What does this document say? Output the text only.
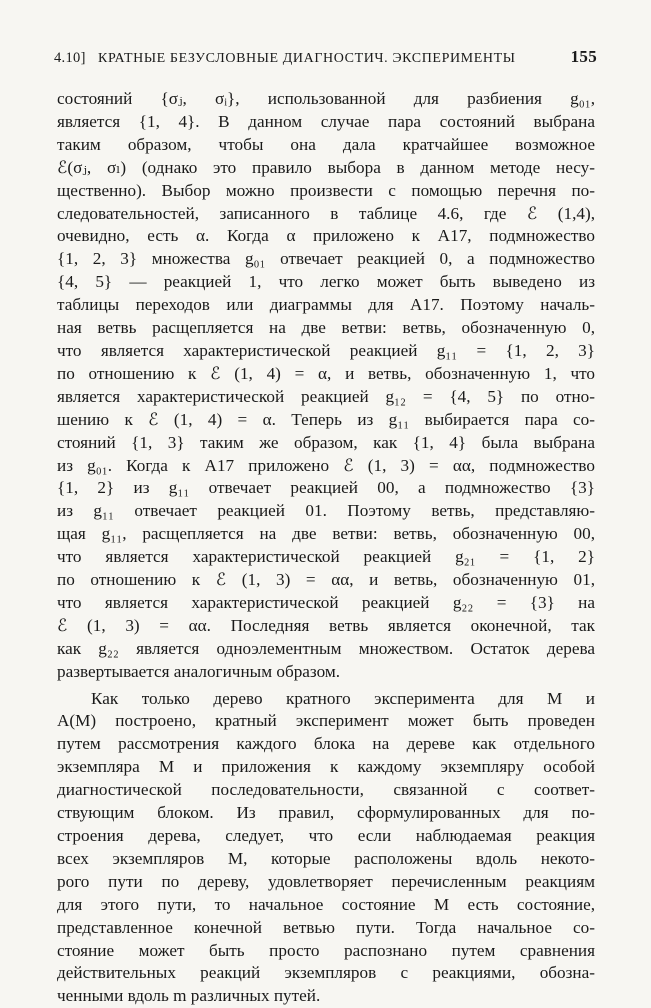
4.10] КРАТНЫЕ БЕЗУСЛОВНЫЕ ДИАГНОСТИЧ. ЭКСПЕРИМЕНТЫ	155
состояний {σⱼ, σᵢ}, использованной для разбиения g₀₁,
является {1, 4}. В данном случае пара состояний выбрана
таким образом, чтобы она дала кратчайшее возможное
ℰ(σⱼ, σₗ) (однако это правило выбора в данном методе несу-
щественно). Выбор можно произвести с помощью перечня по-
следовательностей, записанного в таблице 4.6, где ℰ (1,4),
очевидно, есть α. Когда α приложено к A17, подмножество
{1, 2, 3} множества g₀₁ отвечает реакцией 0, а подмножество
{4, 5} — реакцией 1, что легко может быть выведено из
таблицы переходов или диаграммы для A17. Поэтому началь-
ная ветвь расщепляется на две ветви: ветвь, обозначенную 0,
что является характеристической реакцией g₁₁ = {1, 2, 3}
по отношению к ℰ (1, 4) = α, и ветвь, обозначенную 1, что
является характеристической реакцией g₁₂ = {4, 5} по отно-
шению к ℰ (1, 4) = α. Теперь из g₁₁ выбирается пара со-
стояний {1, 3} таким же образом, как {1, 4} была выбрана
из g₀₁. Когда к A17 приложено ℰ (1, 3) = αα, подмножество
{1, 2} из g₁₁ отвечает реакцией 00, а подмножество {3}
из g₁₁ отвечает реакцией 01. Поэтому ветвь, представляю-
щая g₁₁, расщепляется на две ветви: ветвь, обозначенную 00,
что является характеристической реакцией g₂₁ = {1, 2}
по отношению к ℰ (1, 3) = αα, и ветвь, обозначенную 01,
что является характеристической реакцией g₂₂ = {3} на
ℰ (1, 3) = αα. Последняя ветвь является оконечной, так
как g₂₂ является одноэлементным множеством. Остаток дерева
развертывается аналогичным образом.
Как только дерево кратного эксперимента для M и
A(M) построено, кратный эксперимент может быть проведен
путем рассмотрения каждого блока на дереве как отдельного
экземпляра M и приложения к каждому экземпляру особой
диагностической последовательности, связанной с соответ-
ствующим блоком. Из правил, сформулированных для по-
строения дерева, следует, что если наблюдаемая реакция
всех экземпляров M, которые расположены вдоль некото-
рого пути по дереву, удовлетворяет перечисленным реакциям
для этого пути, то начальное состояние M есть состояние,
представленное конечной ветвью пути. Тогда начальное со-
стояние может быть просто распознано путем сравнения
действительных реакций экземпляров с реакциями, обозна-
ченными вдоль m различных путей.
